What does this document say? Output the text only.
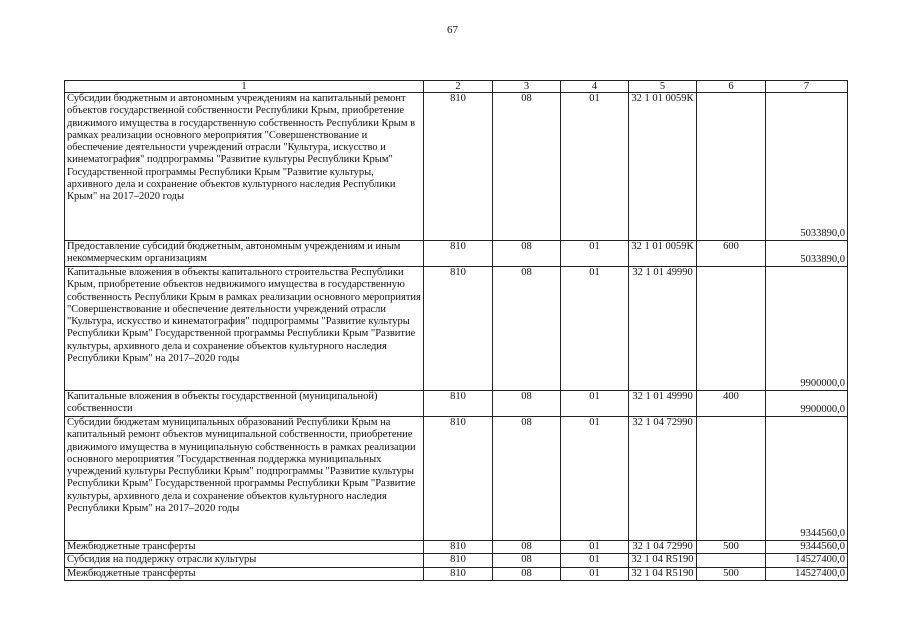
67
1	2	3	4	5	6	7
Субсидии бюджетным и автономным учреждениям на капитальный ремонт объектов государственной собственности Республики Крым, приобретение движимого имущества в государственную собственность Республики Крым в рамках реализации основного мероприятия "Совершенствование и обеспечение деятельности учреждений отрасли "Культура, искусство и кинематография" подпрограммы "Развитие культуры Республики Крым" Государственной программы Республики Крым "Развитие культуры, архивного дела и сохранение объектов культурного наследия Республики Крым" на 2017–2020 годы	810	08	01	32 1 01 0059К		5033890,0
Предоставление субсидий бюджетным, автономным учреждениям и иным некоммерческим организациям	810	08	01	32 1 01 0059К	600	5033890,0
Капитальные вложения в объекты капитального строительства Республики Крым, приобретение объектов недвижимого имущества в государственную собственность Республики Крым в рамках реализации основного мероприятия "Совершенствование и обеспечение деятельности учреждений отрасли "Культура, искусство и кинематография" подпрограммы "Развитие культуры Республики Крым" Государственной программы Республики Крым "Развитие культуры, архивного дела и сохранение объектов культурного наследия Республики Крым" на 2017–2020 годы	810	08	01	32 1 01 49990		9900000,0
Капитальные вложения в объекты государственной (муниципальной) собственности	810	08	01	32 1 01 49990	400	9900000,0
Субсидии бюджетам муниципальных образований Республики Крым на капитальный ремонт объектов муниципальной собственности, приобретение движимого имущества в муниципальную собственность в рамках реализации основного мероприятия "Государственная поддержка муниципальных учреждений культуры Республики Крым" подпрограммы "Развитие культуры Республики Крым" Государственной программы Республики Крым "Развитие культуры, архивного дела и сохранение объектов культурного наследия Республики Крым" на 2017–2020 годы	810	08	01	32 1 04 72990		9344560,0
Межбюджетные трансферты	810	08	01	32 1 04 72990	500	9344560,0
Субсидия на поддержку отрасли культуры	810	08	01	32 1 04 R5190		14527400,0
Межбюджетные трансферты	810	08	01	32 1 04 R5190	500	14527400,0
